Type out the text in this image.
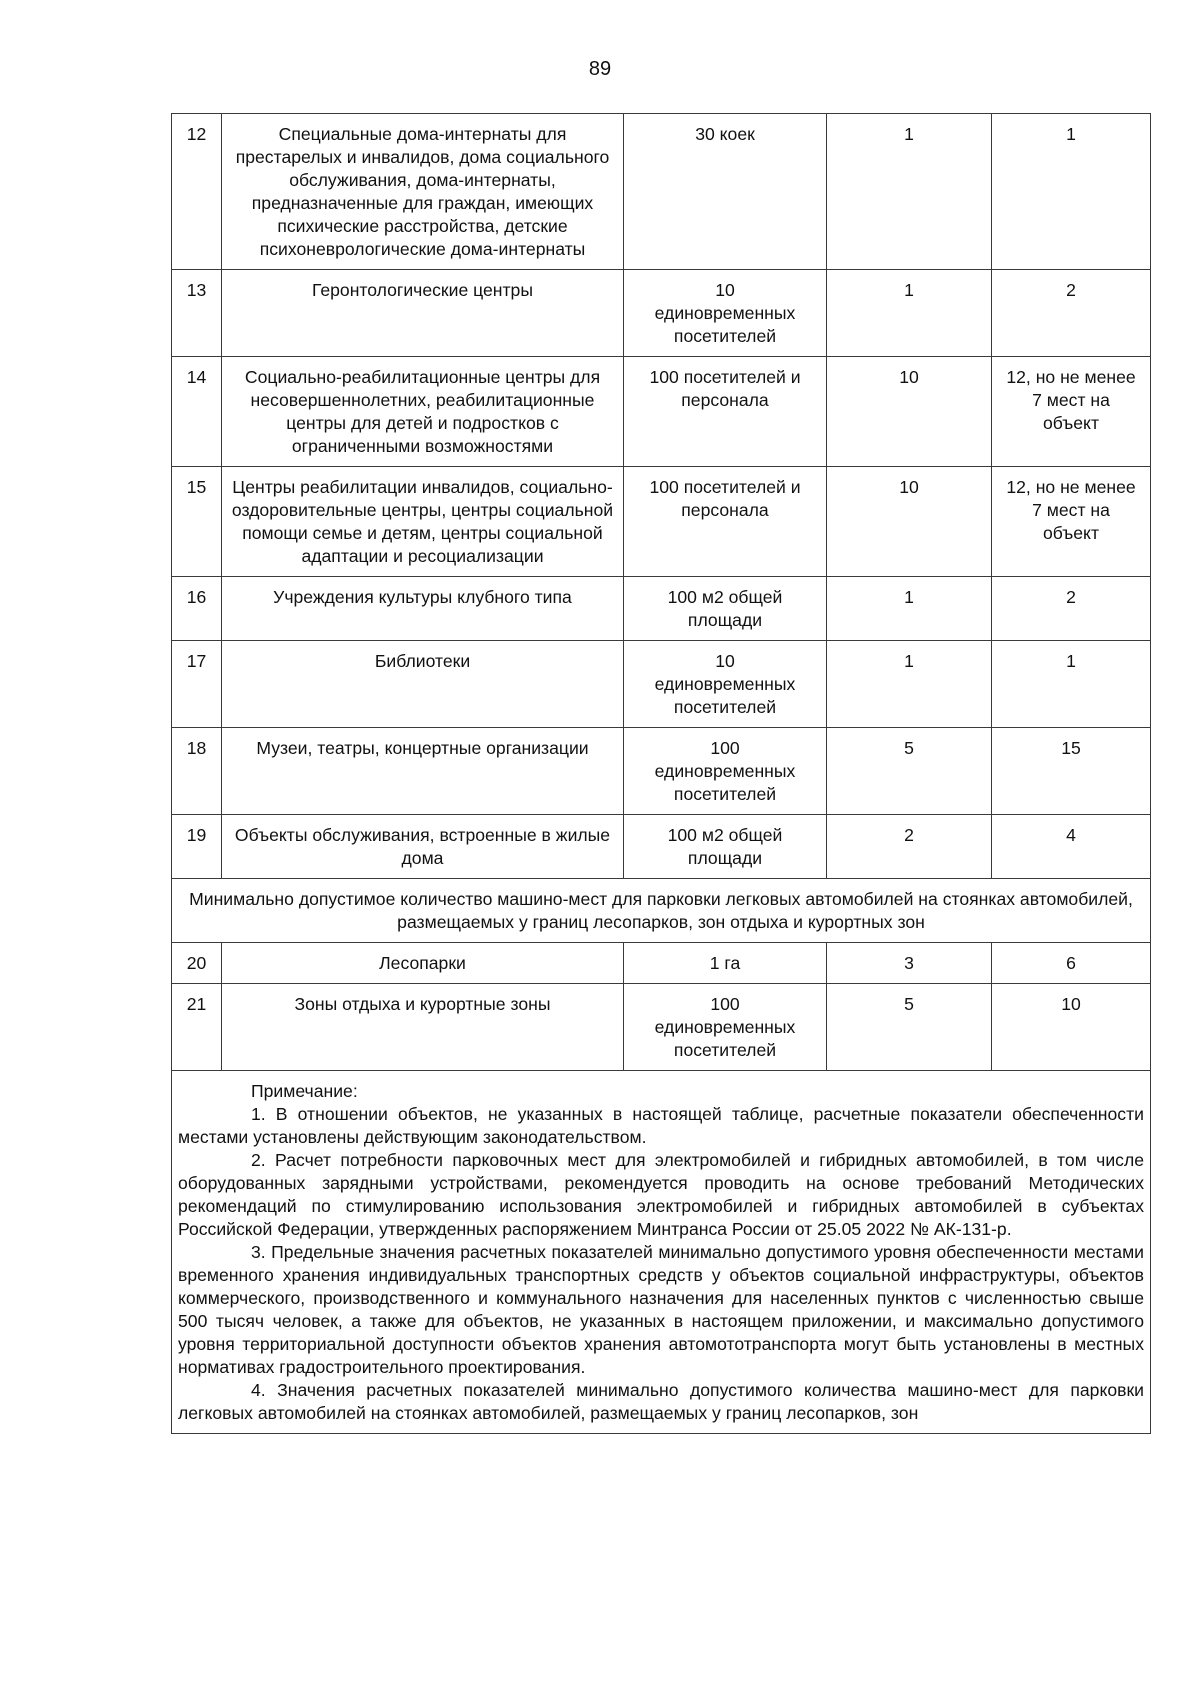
89
12	Специальные дома-интернаты для престарелых и инвалидов, дома социального обслуживания, дома-интернаты, предназначенные для граждан, имеющих психические расстройства, детские психоневрологические дома-интернаты	30 коек	1	1
13	Геронтологические центры	10 единовременных посетителей	1	2
14	Социально-реабилитационные центры для несовершеннолетних, реабилитационные центры для детей и подростков с ограниченными возможностями	100 посетителей и персонала	10	12, но не менее 7 мест на объект
15	Центры реабилитации инвалидов, социально-оздоровительные центры, центры социальной помощи семье и детям, центры социальной адаптации и ресоциализации	100 посетителей и персонала	10	12, но не менее 7 мест на объект
16	Учреждения культуры клубного типа	100 м2 общей площади	1	2
17	Библиотеки	10 единовременных посетителей	1	1
18	Музеи, театры, концертные организации	100 единовременных посетителей	5	15
19	Объекты обслуживания, встроенные в жилые дома	100 м2 общей площади	2	4
Минимально допустимое количество машино-мест для парковки легковых автомобилей на стоянках автомобилей, размещаемых у границ лесопарков, зон отдыха и курортных зон				
20	Лесопарки	1 га	3	6
21	Зоны отдыха и курортные зоны	100 единовременных посетителей	5	10

Примечание:

1. В отношении объектов, не указанных в настоящей таблице, расчетные показатели обеспеченности местами установлены действующим законодательством.

2. Расчет потребности парковочных мест для электромобилей и гибридных автомобилей, в том числе оборудованных зарядными устройствами, рекомендуется проводить на основе требований Методических рекомендаций по стимулированию использования электромобилей и гибридных автомобилей в субъектах Российской Федерации, утвержденных распоряжением Минтранса России от 25.05 2022 № АК-131-р.

3. Предельные значения расчетных показателей минимально допустимого уровня обеспеченности местами временного хранения индивидуальных транспортных средств у объектов социальной инфраструктуры, объектов коммерческого, производственного и коммунального назначения для населенных пунктов с численностью свыше 500 тысяч человек, а также для объектов, не указанных в настоящем приложении, и максимально допустимого уровня территориальной доступности объектов хранения автомототранспорта могут быть установлены в местных нормативах градостроительного проектирования.

4. Значения расчетных показателей минимально допустимого количества машино-мест для парковки легковых автомобилей на стоянках автомобилей, размещаемых у границ лесопарков, зон				
